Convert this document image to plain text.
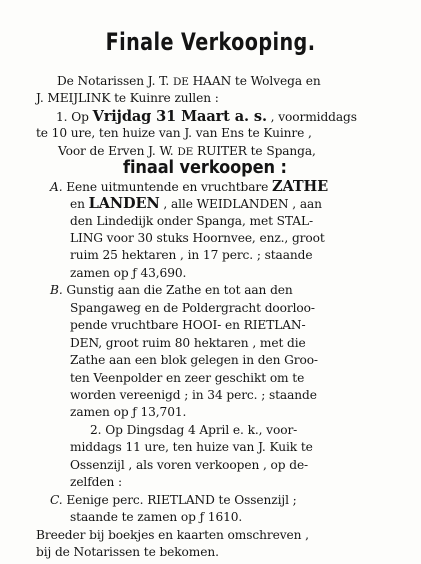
Finale Verkooping.
De Notarissen J. T. DE HAAN te Wolvega en
J. MEIJLINK te Kuinre zullen :
1. Op Vrijdag 31 Maart a. s. , voormiddags
te 10 ure, ten huize van J. van Ens te Kuinre ,
Voor de Erven J. W. DE RUITER te Spanga,
finaal verkoopen :
A. Eene uitmuntende en vruchtbare ZATHE
en LANDEN , alle WEIDLANDEN , aan
den Lindedijk onder Spanga, met STAL-
LING voor 30 stuks Hoornvee, enz., groot
ruim 25 hektaren , in 17 perc. ; staande
zamen op ƒ 43,690.
B. Gunstig aan die Zathe en tot aan den
Spangaweg en de Poldergracht doorloo-
pende vruchtbare HOOI- en RIETLAN-
DEN, groot ruim 80 hektaren , met die
Zathe aan een blok gelegen in den Groo-
ten Veenpolder en zeer geschikt om te
worden vereenigd ; in 34 perc. ; staande
zamen op ƒ 13,701.
2. Op Dingsdag 4 April e. k., voor-
middags 11 ure, ten huize van J. Kuik te
Ossenzijl , als voren verkoopen , op de-
zelfden :
C. Eenige perc. RIETLAND te Ossenzijl ;
staande te zamen op ƒ 1610.
Breeder bij boekjes en kaarten omschreven ,
bij de Notarissen te bekomen.
